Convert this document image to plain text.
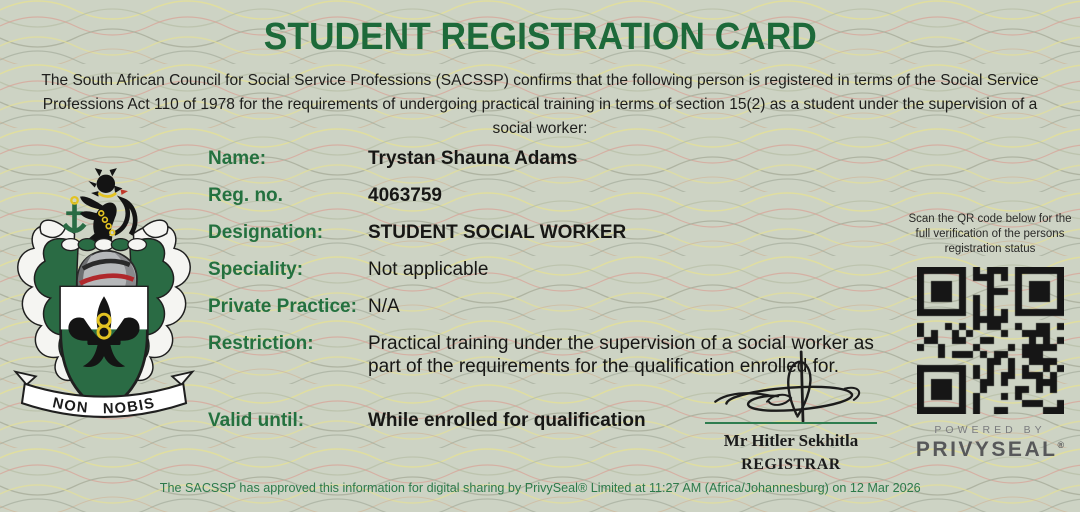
STUDENT REGISTRATION CARD

The South African Council for Social Service Professions (SACSSP) confirms that the following person is registered in terms of the Social Service Professions Act 110 of 1978 for the requirements of undergoing practical training in terms of section 15(2) as a student under the supervision of a social worker:

NON NOBIS
Name:	Trystan Shauna Adams
Reg. no.	4063759
Designation:	STUDENT SOCIAL WORKER
Speciality:	Not applicable
Private Practice: N/A
Restriction:	Practical training under the supervision of a social worker as part of the requirements for the qualification enrolled for.
Valid until:	While enrolled for qualification
Mr Hitler Sekhitla
REGISTRAR
Scan the QR code below for the full verification of the persons registration status
POWERED BY
PRIVYSEAL®
The SACSSP has approved this information for digital sharing by PrivySeal® Limited at 11:27 AM (Africa/Johannesburg) on 12 Mar 2026
